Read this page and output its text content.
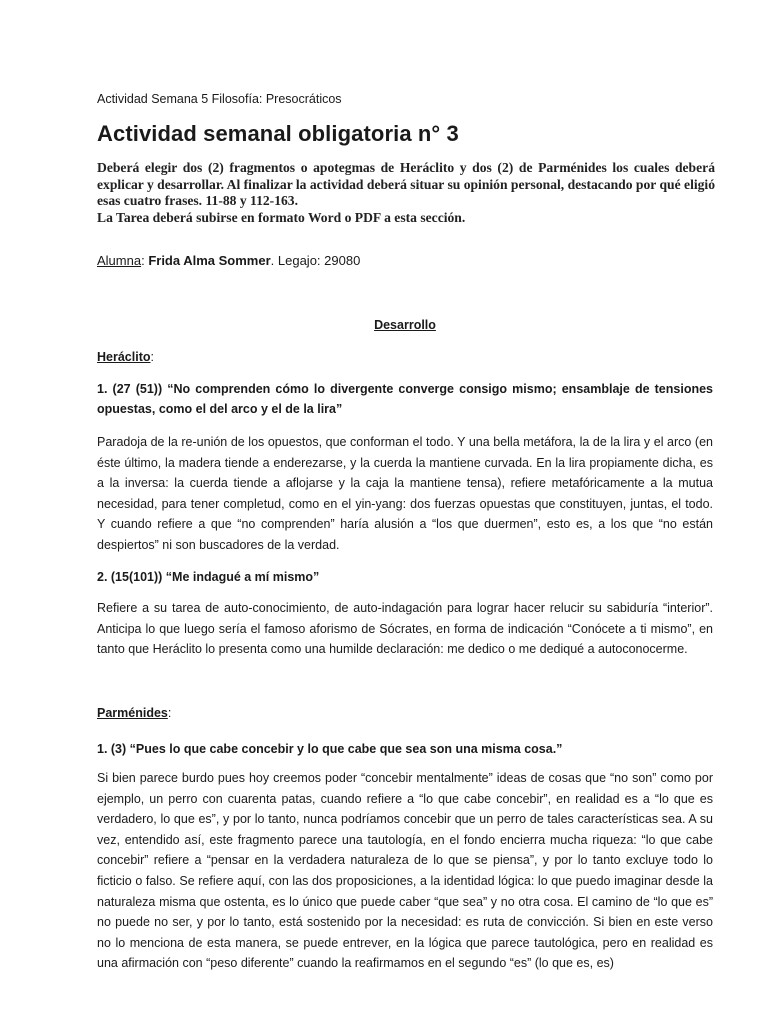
Actividad Semana 5 Filosofía: Presocráticos

Actividad semanal obligatoria n° 3
Deberá elegir dos (2) fragmentos o apotegmas de Heráclito y dos (2) de Parménides los cuales deberá explicar y desarrollar. Al finalizar la actividad deberá situar su opinión personal, destacando por qué eligió esas cuatro frases. 11-88 y 112-163.
La Tarea deberá subirse en formato Word o PDF a esta sección.

Alumna: Frida Alma Sommer. Legajo: 29080

Desarrollo

Heráclito:

1. (27 (51)) “No comprenden cómo lo divergente converge consigo mismo; ensamblaje de tensiones opuestas, como el del arco y el de la lira”

Paradoja de la re-unión de los opuestos, que conforman el todo. Y una bella metáfora, la de la lira y el arco (en éste último, la madera tiende a enderezarse, y la cuerda la mantiene curvada. En la lira propiamente dicha, es a la inversa: la cuerda tiende a aflojarse y la caja la mantiene tensa), refiere metafóricamente a la mutua necesidad, para tener completud, como en el yin-yang: dos fuerzas opuestas que constituyen, juntas, el todo. Y cuando refiere a que “no comprenden” haría alusión a “los que duermen”, esto es, a los que “no están despiertos” ni son buscadores de la verdad.

2. (15(101)) “Me indagué a mí mismo”

Refiere a su tarea de auto-conocimiento, de auto-indagación para lograr hacer relucir su sabiduría “interior”. Anticipa lo que luego sería el famoso aforismo de Sócrates, en forma de indicación “Conócete a ti mismo”, en tanto que Heráclito lo presenta como una humilde declaración: me dedico o me dediqué a autoconocerme.

Parménides:

1. (3) “Pues lo que cabe concebir y lo que cabe que sea son una misma cosa.”

Si bien parece burdo pues hoy creemos poder “concebir mentalmente” ideas de cosas que “no son” como por ejemplo, un perro con cuarenta patas, cuando refiere a “lo que cabe concebir”, en realidad es a “lo que es verdadero, lo que es”, y por lo tanto, nunca podríamos concebir que un perro de tales características sea. A su vez, entendido así, este fragmento parece una tautología, en el fondo encierra mucha riqueza: “lo que cabe concebir” refiere a “pensar en la verdadera naturaleza de lo que se piensa”, y por lo tanto excluye todo lo ficticio o falso. Se refiere aquí, con las dos proposiciones, a la identidad lógica: lo que puedo imaginar desde la naturaleza misma que ostenta, es lo único que puede caber “que sea” y no otra cosa. El camino de “lo que es” no puede no ser, y por lo tanto, está sostenido por la necesidad: es ruta de convicción. Si bien en este verso no lo menciona de esta manera, se puede entrever, en la lógica que parece tautológica, pero en realidad es una afirmación con “peso diferente” cuando la reafirmamos en el segundo “es” (lo que es, es)
